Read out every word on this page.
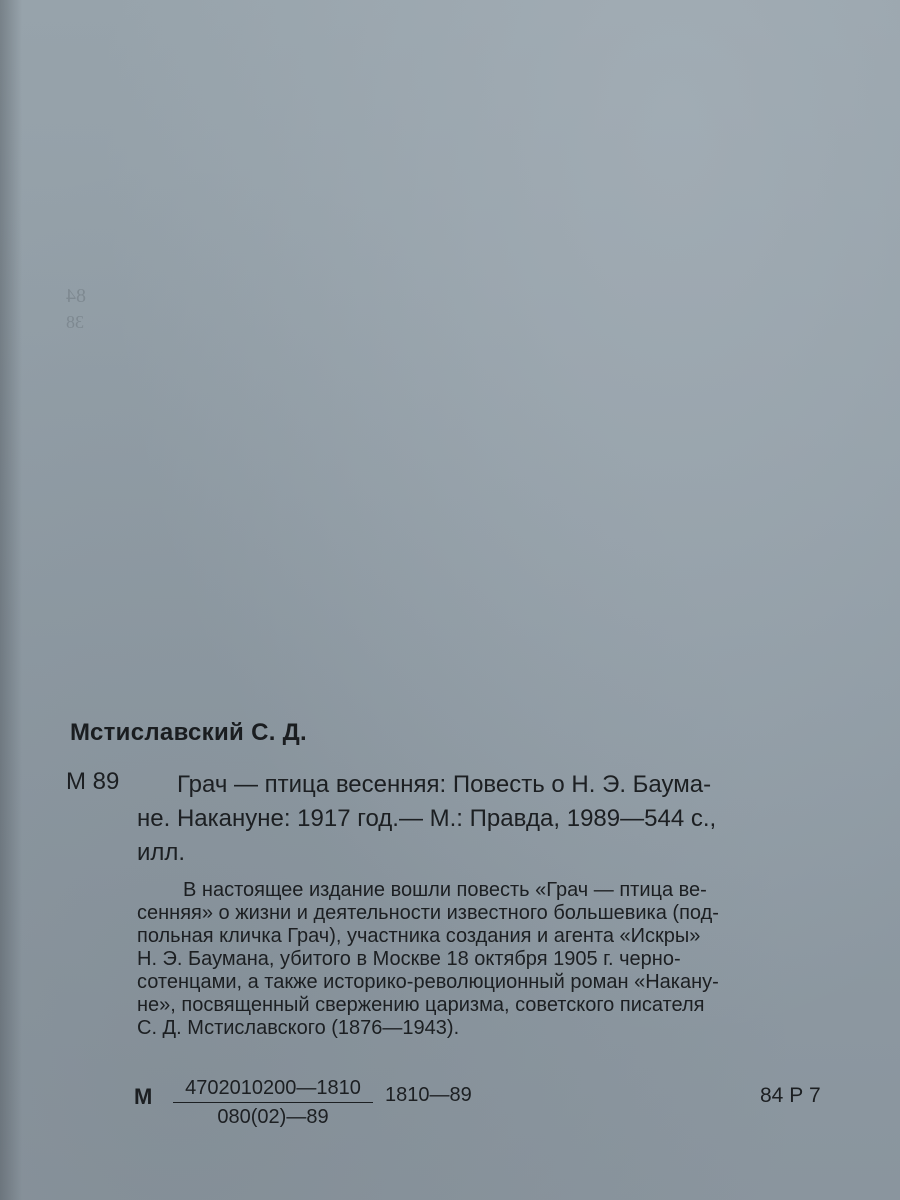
84
38
Мстиславский С. Д.
М 89	Грач — птица весенняя: Повесть о Н. Э. Баума-
не. Накануне: 1917 год.— М.: Правда, 1989—544 с.,
илл.
В настоящее издание вошли повесть «Грач — птица ве-
сенняя» о жизни и деятельности известного большевика (под-
польная кличка Грач), участника создания и агента «Искры»
Н. Э. Баумана, убитого в Москве 18 октября 1905 г. черно-
сотенцами, а также историко-революционный роман «Накану-
не», посвященный свержению царизма, советского писателя
С. Д. Мстиславского (1876—1943).
М	4702010200—1810
080(02)—89
1810—89	84 Р 7
